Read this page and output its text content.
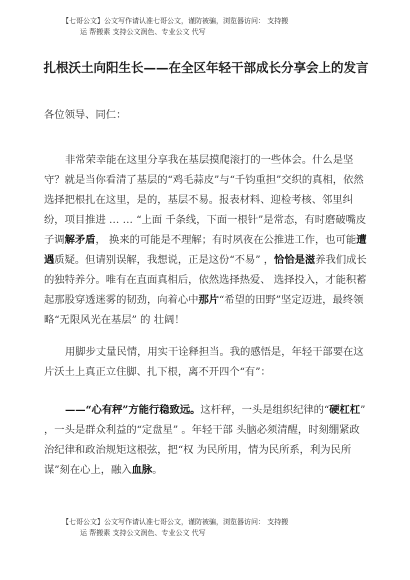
【七哥公文】公文写作请认准七哥公文，谨防被骗，浏览器访问： 支持搬
运 帮搬素 支持公文润色、专业公文 代写
扎根沃土向阳生长——在全区年轻干部成长分享会上的发言
各位领导、同仁：
非常荣幸能在这里分享我在基层摸爬滚打的一些体会。什么是坚守？就是当你看清了基层的“鸡毛蒜皮”与“千钧重担”交织的真相，依然选择把根扎在这里，是的，基层不易。报表材料、迎检考核、邻里纠纷，项目推进 … … “上面 千条线，下面一根针”是常态，有时磨破嘴皮子调解矛盾， 换来的可能是不理解；有时夙夜在公推进工作，也可能遭遇质疑。但请别误解，我想说，正是这份“不易” ，恰恰是滋养我们成长的独特养分。唯有在直面真相后，依然选择热爱、 选择投入，才能积蓄起那股穿透迷雾的韧劲，向着心中那片“希望的田野”坚定迈进，最终领略“无限风光在基层” 的 壮阔！
用脚步丈量民情，用实干诠释担当。我的感悟是，年轻干部要在这片沃土上真正立住脚、扎下根，离不开四个“有”：
——“心有秤”方能行稳致远。这杆秤，一头是组织纪律的“硬杠杠” ，一头是群众利益的“定盘星” 。年轻干部 头脑必须清醒，时刻绷紧政治纪律和政治规矩这根弦，把“权 为民所用，情为民所系，利为民所谋”刻在心上，融入血脉。
【七哥公文】公文写作请认准七哥公文，谨防被骗，浏览器访问： 支持搬
运 帮搬素 支持公文润色、专业公文 代写
